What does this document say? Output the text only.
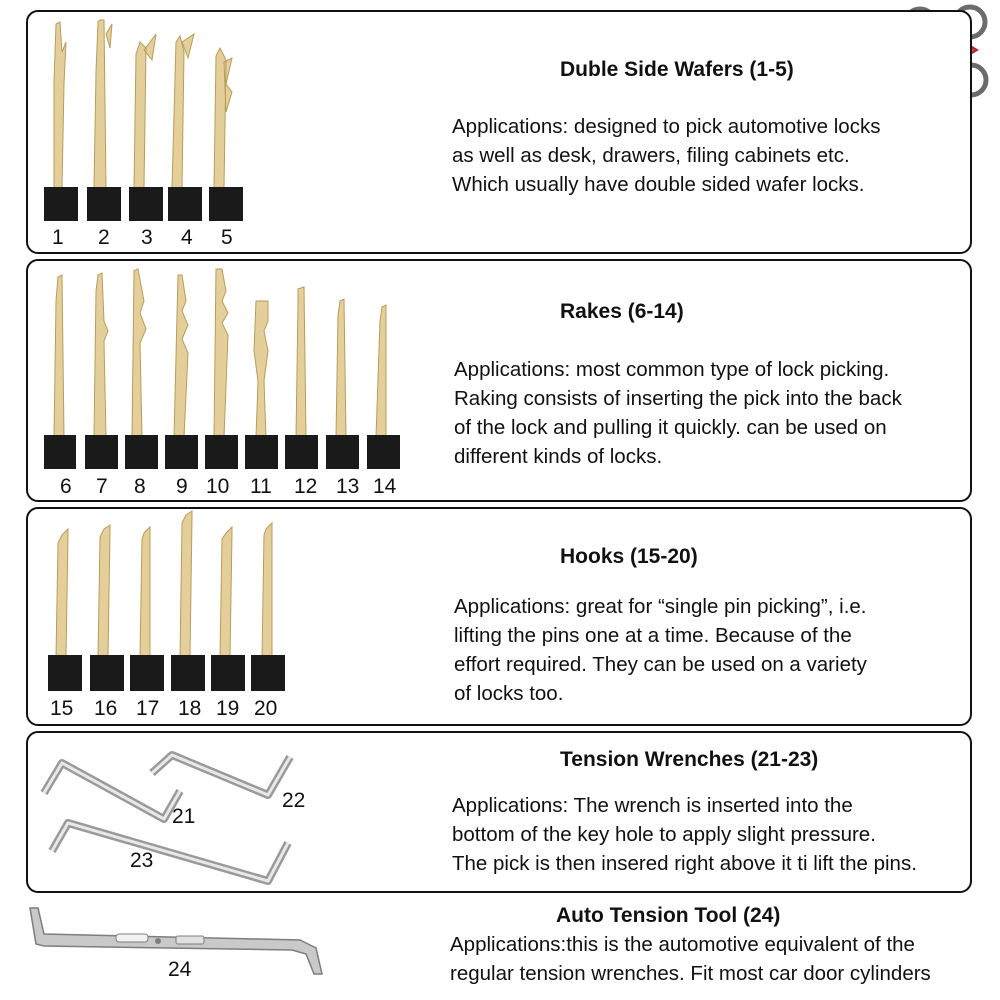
1 2 3 4 5
Duble Side Wafers (1-5)
Applications: designed to pick automotive locks
as well as desk, drawers, filing cabinets etc.
Which usually have double sided wafer locks.
6 7 8 9 10 11 12 13 14
Rakes (6-14)
Applications: most common type of lock picking.
Raking consists of inserting the pick into the back
of the lock and pulling it quickly. can be used on
different kinds of locks.
15 16 17 18 19 20
Hooks (15-20)
Applications: great for “single pin picking”, i.e.
lifting the pins one at a time. Because of the
effort required. They can be used on a variety
of locks too.
21
22
23
Tension Wrenches (21-23)
Applications: The wrench is inserted into the
bottom of the key hole to apply slight pressure.
The pick is then insered right above it ti lift the pins.
24
Auto Tension Tool (24)
Applications:this is the automotive equivalent of the
regular tension wrenches. Fit most car door cylinders
